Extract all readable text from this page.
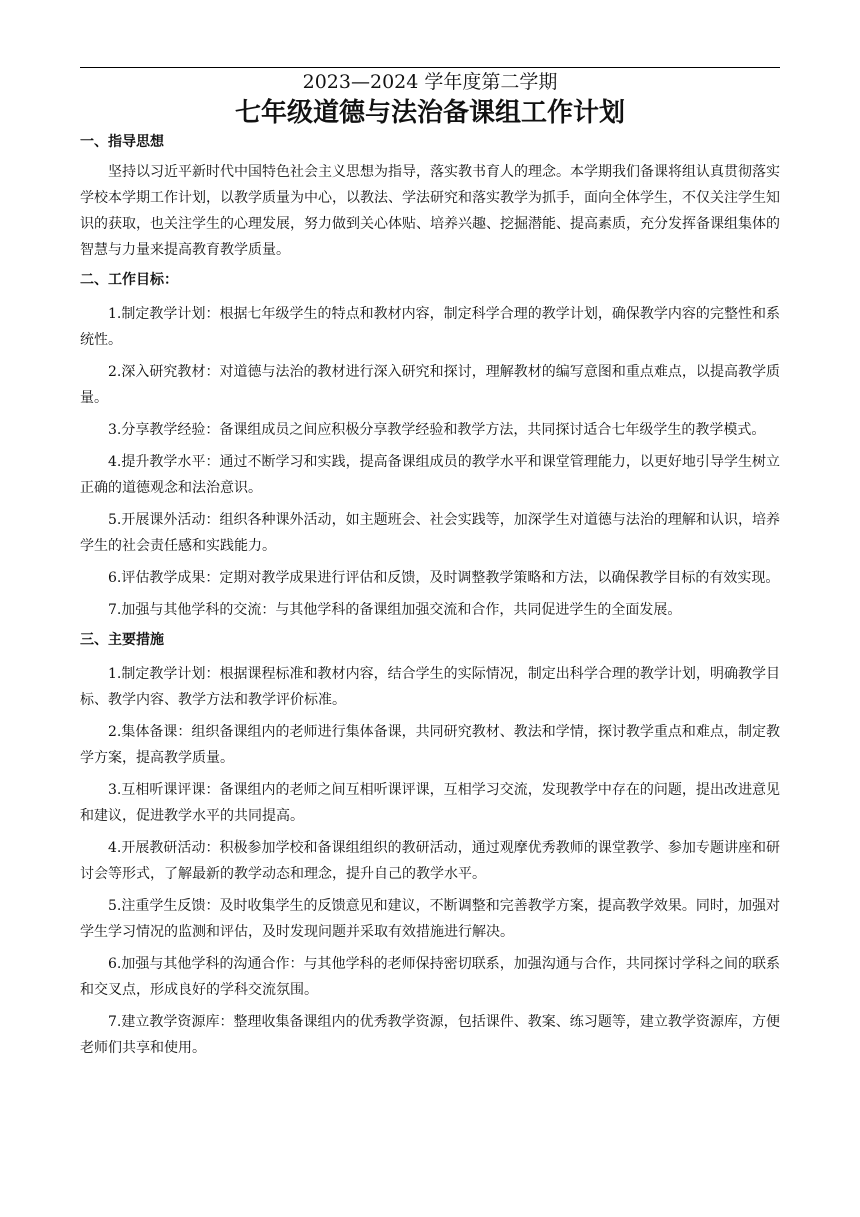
2023—2024 学年度第二学期
七年级道德与法治备课组工作计划
一、指导思想

坚持以习近平新时代中国特色社会主义思想为指导，落实教书育人的理念。本学期我们备课将组认真贯彻落实学校本学期工作计划，以教学质量为中心，以教法、学法研究和落实教学为抓手，面向全体学生，不仅关注学生知识的获取，也关注学生的心理发展，努力做到关心体贴、培养兴趣、挖掘潜能、提高素质，充分发挥备课组集体的智慧与力量来提高教育教学质量。

二、工作目标：

1.制定教学计划：根据七年级学生的特点和教材内容，制定科学合理的教学计划，确保教学内容的完整性和系统性。

2.深入研究教材：对道德与法治的教材进行深入研究和探讨，理解教材的编写意图和重点难点，以提高教学质量。

3.分享教学经验：备课组成员之间应积极分享教学经验和教学方法，共同探讨适合七年级学生的教学模式。

4.提升教学水平：通过不断学习和实践，提高备课组成员的教学水平和课堂管理能力，以更好地引导学生树立正确的道德观念和法治意识。

5.开展课外活动：组织各种课外活动，如主题班会、社会实践等，加深学生对道德与法治的理解和认识，培养学生的社会责任感和实践能力。

6.评估教学成果：定期对教学成果进行评估和反馈，及时调整教学策略和方法，以确保教学目标的有效实现。

7.加强与其他学科的交流：与其他学科的备课组加强交流和合作，共同促进学生的全面发展。

三、主要措施

1.制定教学计划：根据课程标准和教材内容，结合学生的实际情况，制定出科学合理的教学计划，明确教学目标、教学内容、教学方法和教学评价标准。

2.集体备课：组织备课组内的老师进行集体备课，共同研究教材、教法和学情，探讨教学重点和难点，制定教学方案，提高教学质量。

3.互相听课评课：备课组内的老师之间互相听课评课，互相学习交流，发现教学中存在的问题，提出改进意见和建议，促进教学水平的共同提高。

4.开展教研活动：积极参加学校和备课组组织的教研活动，通过观摩优秀教师的课堂教学、参加专题讲座和研讨会等形式，了解最新的教学动态和理念，提升自己的教学水平。

5.注重学生反馈：及时收集学生的反馈意见和建议，不断调整和完善教学方案，提高教学效果。同时，加强对学生学习情况的监测和评估，及时发现问题并采取有效措施进行解决。

6.加强与其他学科的沟通合作：与其他学科的老师保持密切联系，加强沟通与合作，共同探讨学科之间的联系和交叉点，形成良好的学科交流氛围。

7.建立教学资源库：整理收集备课组内的优秀教学资源，包括课件、教案、练习题等，建立教学资源库，方便老师们共享和使用。
